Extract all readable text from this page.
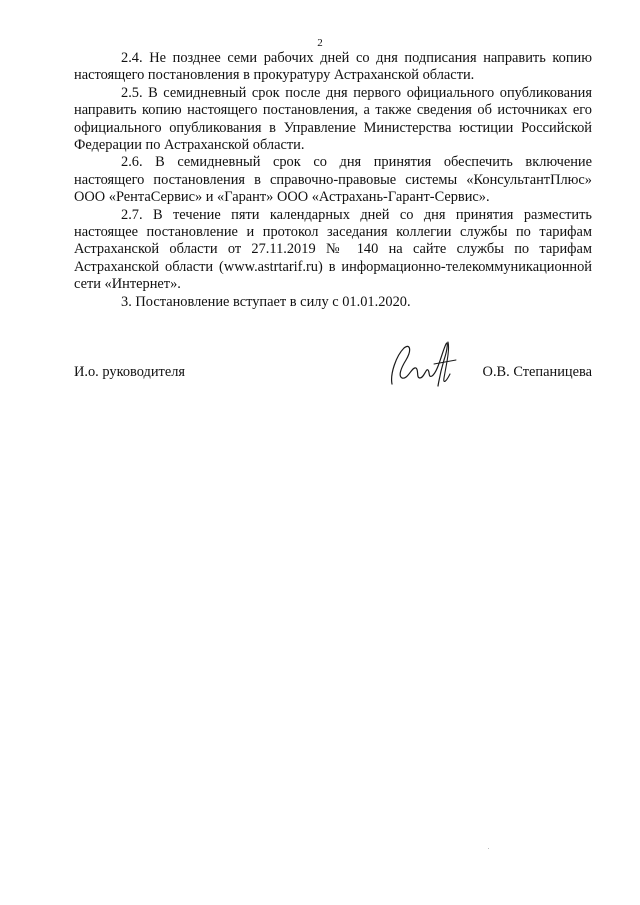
2

2.4. Не позднее семи рабочих дней со дня подписания направить копию настоящего постановления в прокуратуру Астраханской области.

2.5. В семидневный срок после дня первого официального опубликования направить копию настоящего постановления, а также сведения об источниках его официального опубликования в Управление Министерства юстиции Российской Федерации по Астраханской области.

2.6. В семидневный срок со дня принятия обеспечить включение настоящего постановления в справочно-правовые системы «КонсультантПлюс» ООО «РентаСервис» и «Гарант» ООО «Астрахань-Гарант-Сервис».

2.7. В течение пяти календарных дней со дня принятия разместить настоящее постановление и протокол заседания коллегии службы по тарифам Астраханской области от 27.11.2019 № 140 на сайте службы по тарифам Астраханской области (www.astrtarif.ru) в информационно-телекоммуникационной сети «Интернет».

3. Постановление вступает в силу с 01.01.2020.

И.о. руководителя	О.В. Степаницева
